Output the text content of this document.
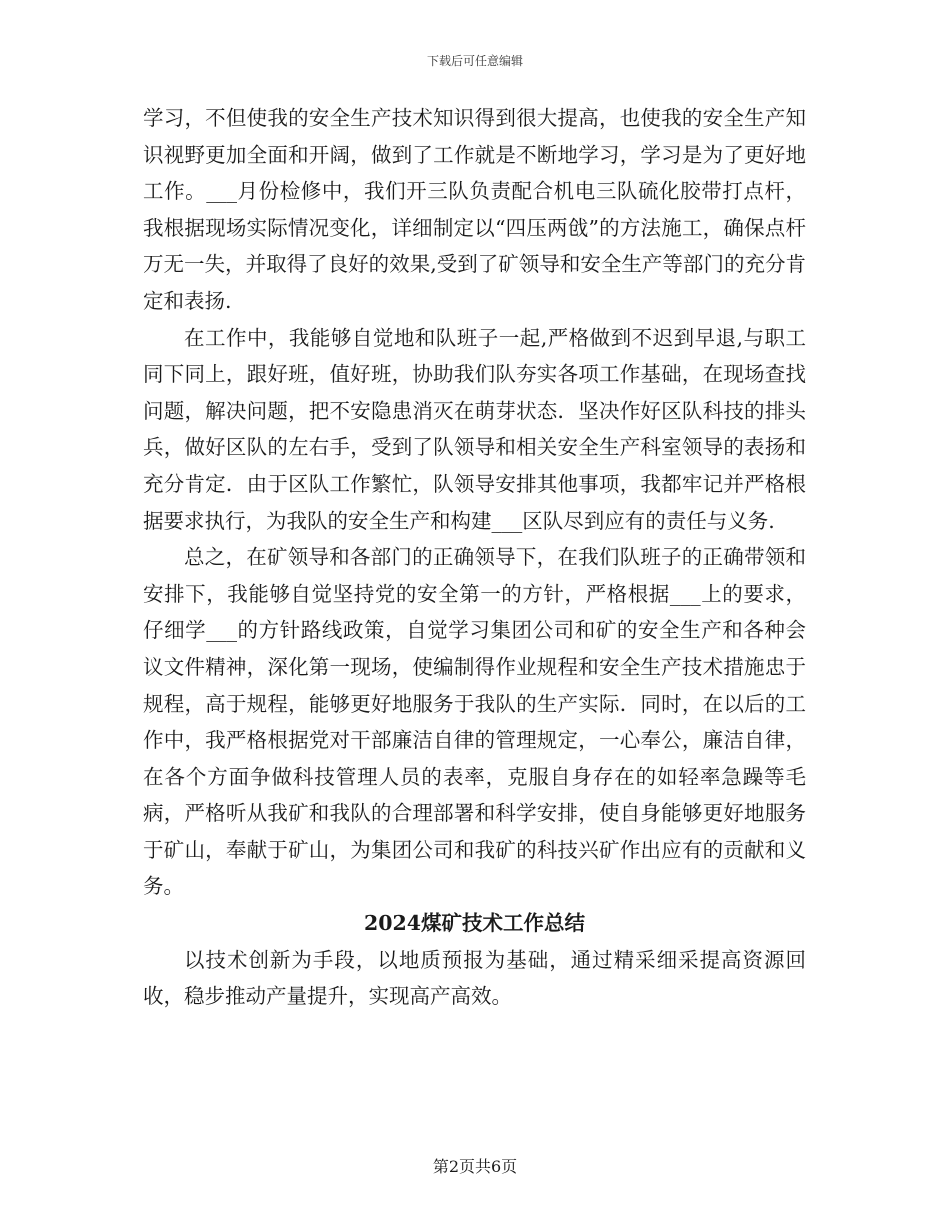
下载后可任意编辑

学习，不但使我的安全生产技术知识得到很大提高，也使我的安全生产知识视野更加全面和开阔，做到了工作就是不断地学习，学习是为了更好地工作。___月份检修中，我们开三队负责配合机电三队硫化胶带打点杆，我根据现场实际情况变化，详细制定以“四压两戗”的方法施工，确保点杆万无一失，并取得了良好的效果,受到了矿领导和安全生产等部门的充分肯定和表扬.

在工作中，我能够自觉地和队班子一起,严格做到不迟到早退,与职工同下同上，跟好班，值好班，协助我们队夯实各项工作基础，在现场查找问题，解决问题，把不安隐患消灭在萌芽状态．坚决作好区队科技的排头兵，做好区队的左右手，受到了队领导和相关安全生产科室领导的表扬和充分肯定．由于区队工作繁忙，队领导安排其他事项，我都牢记并严格根据要求执行，为我队的安全生产和构建___区队尽到应有的责任与义务.

总之，在矿领导和各部门的正确领导下，在我们队班子的正确带领和安排下，我能够自觉坚持党的安全第一的方针，严格根据___上的要求，仔细学___的方针路线政策，自觉学习集团公司和矿的安全生产和各种会议文件精神，深化第一现场，使编制得作业规程和安全生产技术措施忠于规程，高于规程，能够更好地服务于我队的生产实际．同时，在以后的工作中，我严格根据党对干部廉洁自律的管理规定，一心奉公，廉洁自律，在各个方面争做科技管理人员的表率，克服自身存在的如轻率急躁等毛病，严格听从我矿和我队的合理部署和科学安排，使自身能够更好地服务于矿山，奉献于矿山，为集团公司和我矿的科技兴矿作出应有的贡献和义务。

2024煤矿技术工作总结

以技术创新为手段，以地质预报为基础，通过精采细采提高资源回收，稳步推动产量提升，实现高产高效。

第2页共6页
